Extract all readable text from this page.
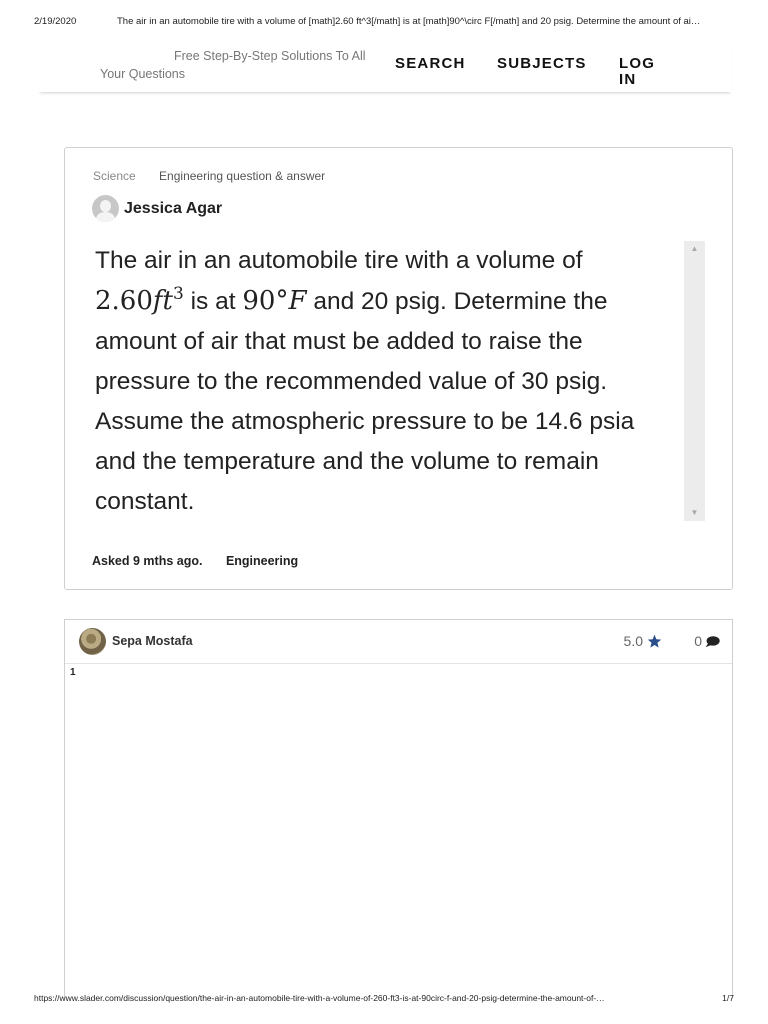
2/19/2020	The air in an automobile tire with a volume of [math]2.60 ft^3[/math] is at [math]90^\circ F[/math] and 20 psig. Determine the amount of ai…
Free Step-By-Step Solutions To All Your Questions
SEARCH SUBJECTS LOG IN
Science Engineering question & answer
Jessica Agar
The air in an automobile tire with a volume of
$2.60ft^3$ is at 90°F and 20 psig. Determine the amount of air that must be added to raise the pressure to the recommended value of 30 psig. Assume the atmospheric pressure to be 14.6 psia and the temperature and the volume to remain constant.
▲
▼
Asked 9 mths ago. Engineering
Sepa Mostafa	5.0	0
1
https://www.slader.com/discussion/question/the-air-in-an-automobile-tire-with-a-volume-of-260-ft3-is-at-90circ-f-and-20-psig-determine-the-amount-of-…	1/7
